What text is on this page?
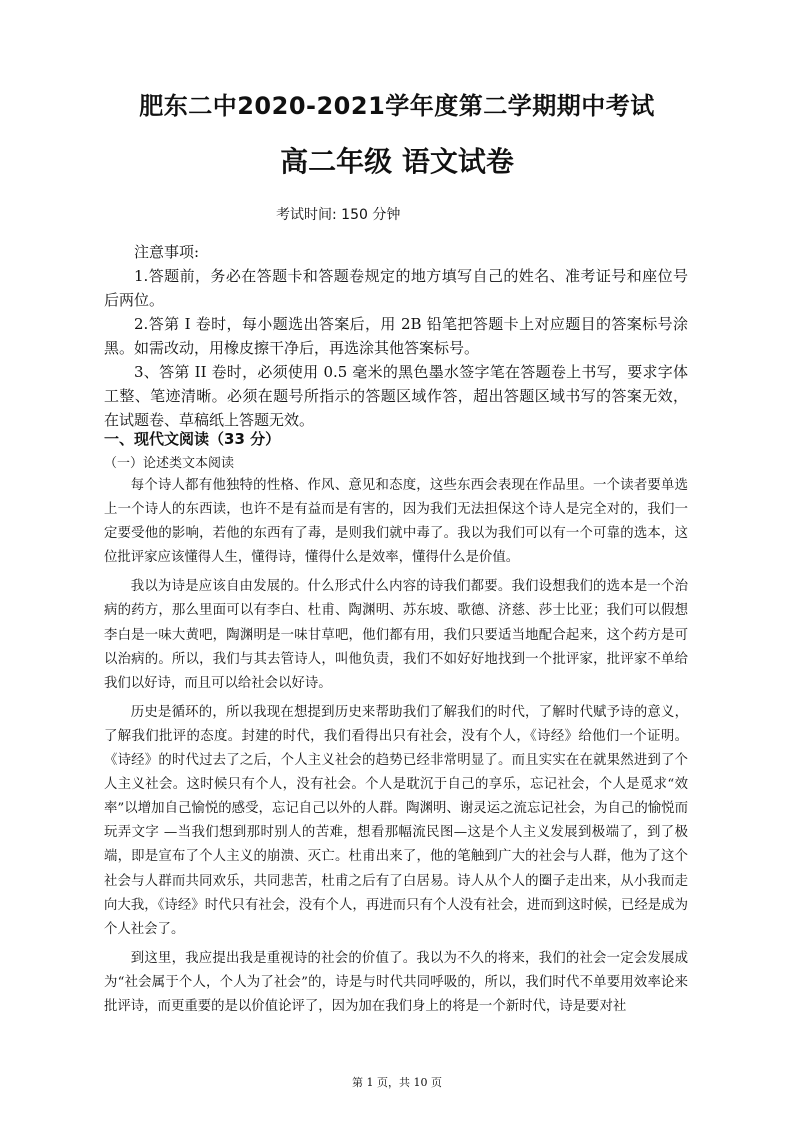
肥东二中2020-2021学年度第二学期期中考试
高二年级 语文试卷
考试时间: 150 分钟

注意事项:

1.答题前，务必在答题卡和答题卷规定的地方填写自己的姓名、准考证号和座位号后两位。

2.答第 I 卷时，每小题选出答案后，用 2B 铅笔把答题卡上对应题目的答案标号涂黑。如需改动，用橡皮擦干净后，再选涂其他答案标号。

3、答第 II 卷时，必须使用 0.5 毫米的黑色墨水签字笔在答题卷上书写，要求字体工整、笔迹清晰。必须在题号所指示的答题区域作答，超出答题区域书写的答案无效， 在试题卷、草稿纸上答题无效。

一、现代文阅读（33 分）
（一）论述类文本阅读

每个诗人都有他独特的性格、作风、意见和态度，这些东西会表现在作品里。一个读者要单选上一个诗人的东西读，也许不是有益而是有害的，因为我们无法担保这个诗人是完全对的，我们一定要受他的影响，若他的东西有了毒，是则我们就中毒了。我以为我们可以有一个可靠的选本，这位批评家应该懂得人生，懂得诗，懂得什么是效率，懂得什么是价值。

我以为诗是应该自由发展的。什么形式什么内容的诗我们都要。我们设想我们的选本是一个治病的药方，那么里面可以有李白、杜甫、陶渊明、苏东坡、歌德、济慈、莎士比亚；我们可以假想李白是一味大黄吧，陶渊明是一味甘草吧，他们都有用，我们只要适当地配合起来，这个药方是可以治病的。所以，我们与其去管诗人，叫他负责，我们不如好好地找到一个批评家，批评家不单给我们以好诗，而且可以给社会以好诗。

历史是循环的，所以我现在想提到历史来帮助我们了解我们的时代，了解时代赋予诗的意义，了解我们批评的态度。封建的时代，我们看得出只有社会，没有个人，《诗经》给他们一个证明。《诗经》的时代过去了之后，个人主义社会的趋势已经非常明显了。而且实实在在就果然进到了个人主义社会。这时候只有个人，没有社会。个人是耽沉于自己的享乐，忘记社会，个人是觅求“效率”以增加自己愉悦的感受，忘记自己以外的人群。陶渊明、谢灵运之流忘记社会，为自己的愉悦而玩弄文字 —当我们想到那时别人的苦难，想看那幅流民图—这是个人主义发展到极端了，到了极端，即是宣布了个人主义的崩溃、灭亡。杜甫出来了，他的笔触到广大的社会与人群，他为了这个社会与人群而共同欢乐，共同悲苦，杜甫之后有了白居易。诗人从个人的圈子走出来，从小我而走向大我，《诗经》时代只有社会，没有个人，再进而只有个人没有社会，进而到这时候，已经是成为个人社会了。

到这里，我应提出我是重视诗的社会的价值了。我以为不久的将来，我们的社会一定会发展成为“社会属于个人，个人为了社会”的，诗是与时代共同呼吸的，所以，我们时代不单要用效率论来批评诗，而更重要的是以价值论评了，因为加在我们身上的将是一个新时代，诗是要对社

第 1 页，共 10 页
